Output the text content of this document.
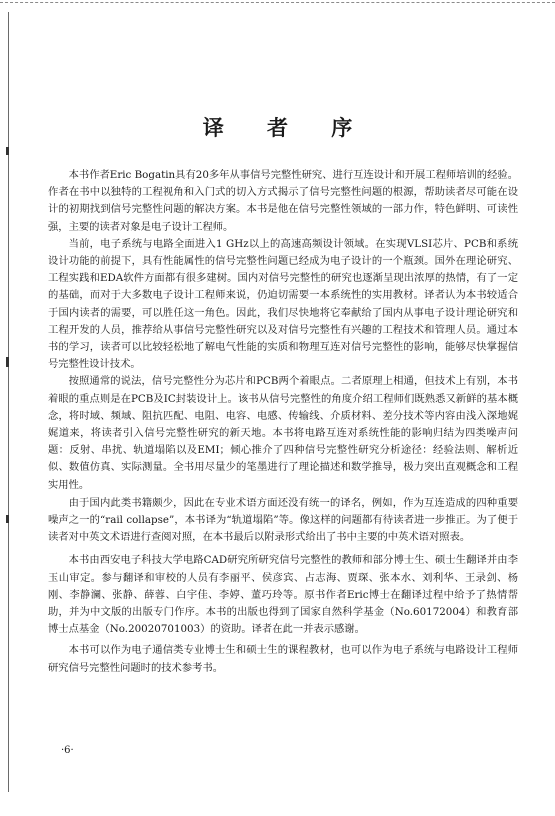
译 者 序

本书作者Eric Bogatin具有20多年从事信号完整性研究、进行互连设计和开展工程师培训的经验。作者在书中以独特的工程视角和入门式的切入方式揭示了信号完整性问题的根源，帮助读者尽可能在设计的初期找到信号完整性问题的解决方案。本书是他在信号完整性领域的一部力作，特色鲜明、可读性强，主要的读者对象是电子设计工程师。

当前，电子系统与电路全面进入1 GHz以上的高速高频设计领域。在实现VLSI芯片、PCB和系统设计功能的前提下，具有性能属性的信号完整性问题已经成为电子设计的一个瓶颈。国外在理论研究、工程实践和EDA软件方面都有很多建树。国内对信号完整性的研究也逐渐呈现出浓厚的热情，有了一定的基础，而对于大多数电子设计工程师来说，仍迫切需要一本系统性的实用教材。译者认为本书较适合于国内读者的需要，可以胜任这一角色。因此，我们尽快地将它奉献给了国内从事电子设计理论研究和工程开发的人员，推荐给从事信号完整性研究以及对信号完整性有兴趣的工程技术和管理人员。通过本书的学习，读者可以比较轻松地了解电气性能的实质和物理互连对信号完整性的影响，能够尽快掌握信号完整性设计技术。

按照通常的说法，信号完整性分为芯片和PCB两个着眼点。二者原理上相通，但技术上有别，本书着眼的重点则是在PCB及IC封装设计上。该书从信号完整性的角度介绍工程师们既熟悉又新鲜的基本概念，将时域、频域、阻抗匹配、电阻、电容、电感、传输线、介质材料、差分技术等内容由浅入深地娓娓道来，将读者引入信号完整性研究的新天地。本书将电路互连对系统性能的影响归结为四类噪声问题：反射、串扰、轨道塌陷以及EMI；倾心推介了四种信号完整性研究分析途径：经验法则、解析近似、数值仿真、实际测量。全书用尽量少的笔墨进行了理论描述和数学推导，极力突出直观概念和工程实用性。

由于国内此类书籍颇少，因此在专业术语方面还没有统一的译名，例如，作为互连造成的四种重要噪声之一的“rail collapse”，本书译为“轨道塌陷”等。像这样的问题都有待读者进一步推正。为了便于读者对中英文术语进行查阅对照，在本书最后以附录形式给出了书中主要的中英术语对照表。

本书由西安电子科技大学电路CAD研究所研究信号完整性的教师和部分博士生、硕士生翻译并由李玉山审定。参与翻译和审校的人员有李丽平、侯彦宾、占志海、贾琛、张本水、刘利华、王录剑、杨刚、李静澜、张静、薛蓉、白宇佳、李婷、董巧玲等。原书作者Eric博士在翻译过程中给予了热情帮助，并为中文版的出版专门作序。本书的出版也得到了国家自然科学基金（No.60172004）和教育部博士点基金（No.20020701003）的资助。译者在此一并表示感谢。

本书可以作为电子通信类专业博士生和硕士生的课程教材，也可以作为电子系统与电路设计工程师研究信号完整性问题时的技术参考书。

·6·
